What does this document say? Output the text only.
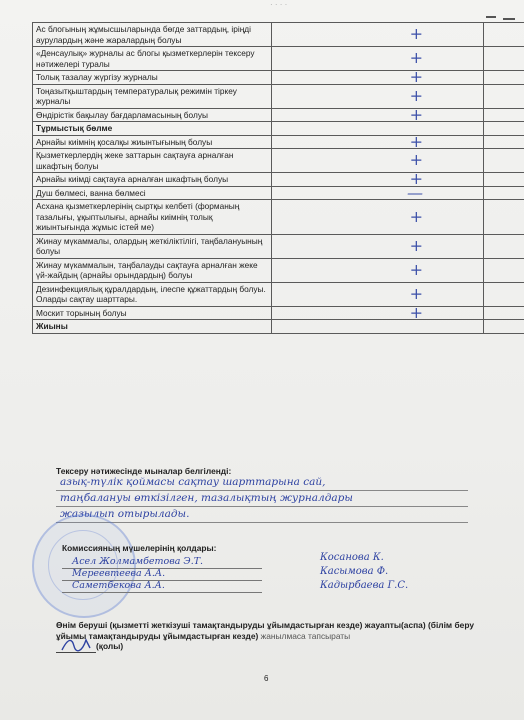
· · · ·
Ас блогының жұмысшыларында бөгде заттардың, іріңді аурулардың және жаралардың болуы	+		
«Денсаулық» журналы ас блогы қызметкерлерін тексеру нәтижелері туралы	+		
Толық тазалау жүргізу журналы	+		
Тоңазытқыштардың температуралық режимін тіркеу журналы	+		
Өндірістік бақылау бағдарламасының болуы	+		
Тұрмыстық бөлме			
Арнайы киімнің қосалқы жиынтығының болуы	+		
Қызметкерлердің жеке заттарын сақтауға арналған шкафтың болуы	+		
Арнайы киімді сақтауға арналған шкафтың болуы	+		
Душ бөлмесі, ванна бөлмесі	—		
Асхана қызметкерлерінің сыртқы келбеті (форманың тазалығы, ұқыптылығы, арнайы киімнің толық жиынтығында жұмыс істей ме)	+		
Жинау мүкаммалы, олардың жеткіліктілігі, таңбалануының болуы	+		
Жинау мүкаммалын, таңбалауды сақтауға арналған жеке үй-жайдың (арнайы орындардың) болуы	+		
Дезинфекциялық құралдардың, ілеспе құжаттардың болуы. Оларды сақтау шарттары.	+		
Москит торының болуы	+		
Жиыны			
Тексеру нәтижесінде мыналар белгіленді:
азық-түлік қоймасы сақтау шарттарына сай,
таңбалануы өткізілген, тазалықтың журналдары
жазылып отырылады.
Комиссияның мүшелерінің қолдары:
Асел Жолмамбетова Э.Т.
Мереевтеева А.А.
Саметбекова А.А.
Косанова К.
Касымова Ф.
Кадырбаева Г.С.
Өнім беруші (қызметті жеткізуші тамақтандыруды ұйымдастырған кезде) жауапты(аспа) (білім беру ұйымы тамақтандыруды ұйымдастырған кезде) жанылмаса тапсыраты
(қолы)
6
